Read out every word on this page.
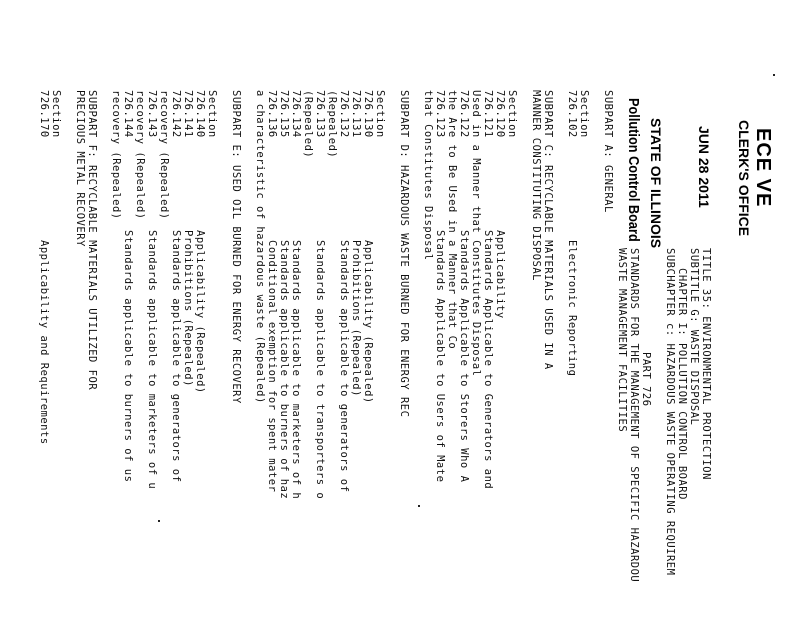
ECE VE
CLERK'S OFFICE
JUN 28 2011
STATE OF ILLINOIS
Pollution Control Board
TITLE 35: ENVIRONMENTAL PROTECTION
SUBTITLE G: WASTE DISPOSAL
CHAPTER I: POLLUTION CONTROL BOARD
SUBCHAPTER c: HAZARDOUS WASTE OPERATING REQUIREM
PART 726
STANDARDS FOR THE MANAGEMENT OF SPECIFIC HAZARDOU
WASTE MANAGEMENT FACILITIES
SUBPART A: GENERAL
Section
726.102
Electronic Reporting
SUBPART C: RECYCLABLE MATERIALS USED IN A
MANNER CONSTITUTING DISPOSAL
Section
726.120
Applicability
726.121
Standards Applicable to Generators and
Used in a Manner that Constitutes Disposal
726.122
Standards Applicable to Storers Who A
the Are to Be Used in a Manner that Co
726.123
Standards Applicable to Users of Mate
that Constitutes Disposal
SUBPART D: HAZARDOUS WASTE BURNED FOR ENERGY REC
Section
726.130
Applicability (Repealed)
726.131
Prohibitions (Repealed)
726.132
Standards applicable to generators of
(Repealed)
726.133
Standards applicable to transporters o
(Repealed)
726.134
Standards applicable to marketers of h
726.135
Standards applicable to burners of haz
726.136
Conditional exemption for spent mater
a characteristic of hazardous waste (Repealed)
SUBPART E: USED OIL BURNED FOR ENERGY RECOVERY
Section
726.140
Applicability (Repealed)
726.141
Prohibitions (Repealed)
726.142
Standards applicable to generators of
recovery (Repealed)
726.143
Standards applicable to marketers of u
recovery (Repealed)
726.144
Standards applicable to burners of us
recovery (Repealed)
SUBPART F: RECYCLABLE MATERIALS UTILIZED FOR
PRECIOUS METAL RECOVERY
Section
726.170
Applicability and Requirements
